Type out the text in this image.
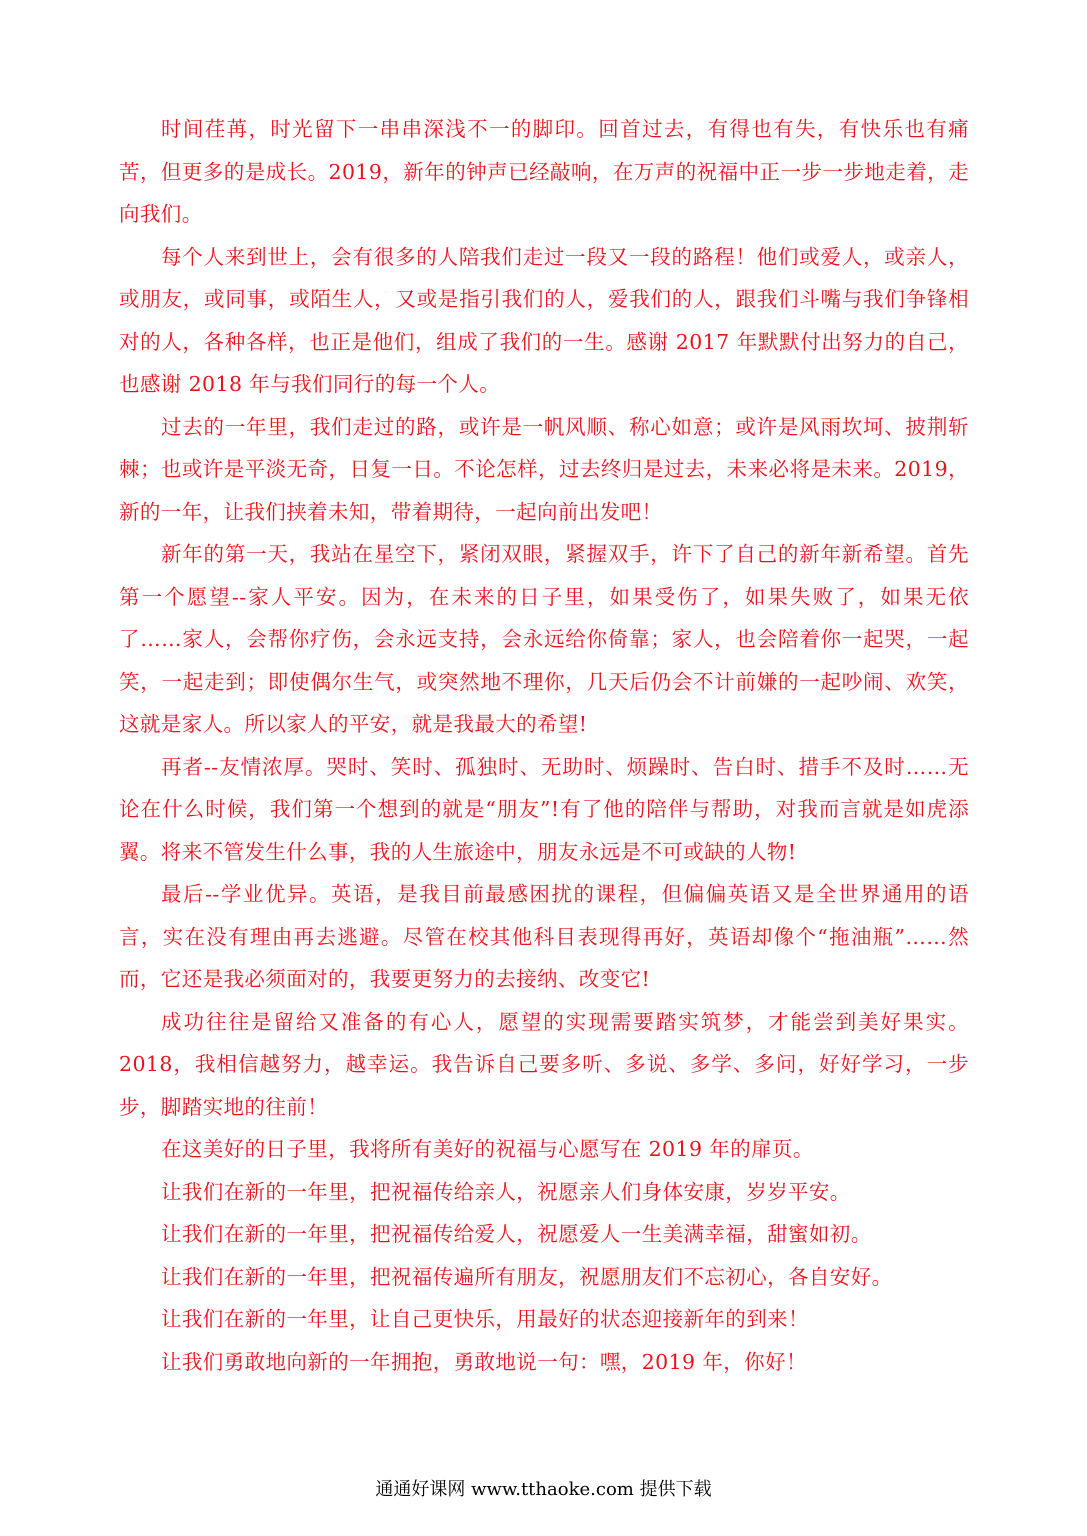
时间荏苒，时光留下一串串深浅不一的脚印。回首过去，有得也有失，有快乐也有痛苦，但更多的是成长。2019，新年的钟声已经敲响，在万声的祝福中正一步一步地走着，走向我们。

每个人来到世上，会有很多的人陪我们走过一段又一段的路程！他们或爱人，或亲人，或朋友，或同事，或陌生人，又或是指引我们的人，爱我们的人，跟我们斗嘴与我们争锋相对的人，各种各样，也正是他们，组成了我们的一生。感谢 2017 年默默付出努力的自己，也感谢 2018 年与我们同行的每一个人。

过去的一年里，我们走过的路，或许是一帆风顺、称心如意；或许是风雨坎坷、披荆斩棘；也或许是平淡无奇，日复一日。不论怎样，过去终归是过去，未来必将是未来。2019，新的一年，让我们挟着未知，带着期待，一起向前出发吧！

新年的第一天，我站在星空下，紧闭双眼，紧握双手，许下了自己的新年新希望。首先第一个愿望--家人平安。因为，在未来的日子里，如果受伤了，如果失败了，如果无依了……家人，会帮你疗伤，会永远支持，会永远给你倚靠；家人，也会陪着你一起哭，一起笑，一起走到；即使偶尔生气，或突然地不理你，几天后仍会不计前嫌的一起吵闹、欢笑，这就是家人。所以家人的平安，就是我最大的希望!

再者--友情浓厚。哭时、笑时、孤独时、无助时、烦躁时、告白时、措手不及时……无论在什么时候，我们第一个想到的就是“朋友”!有了他的陪伴与帮助，对我而言就是如虎添翼。将来不管发生什么事，我的人生旅途中，朋友永远是不可或缺的人物!

最后--学业优异。英语，是我目前最感困扰的课程，但偏偏英语又是全世界通用的语言，实在没有理由再去逃避。尽管在校其他科目表现得再好，英语却像个“拖油瓶”……然而，它还是我必须面对的，我要更努力的去接纳、改变它!

成功往往是留给又准备的有心人，愿望的实现需要踏实筑梦，才能尝到美好果实。2018，我相信越努力，越幸运。我告诉自己要多听、多说、多学、多问，好好学习，一步步，脚踏实地的往前！

在这美好的日子里，我将所有美好的祝福与心愿写在 2019 年的扉页。

让我们在新的一年里，把祝福传给亲人，祝愿亲人们身体安康，岁岁平安。

让我们在新的一年里，把祝福传给爱人，祝愿爱人一生美满幸福，甜蜜如初。

让我们在新的一年里，把祝福传遍所有朋友，祝愿朋友们不忘初心，各自安好。

让我们在新的一年里，让自己更快乐，用最好的状态迎接新年的到来！

让我们勇敢地向新的一年拥抱，勇敢地说一句：嘿，2019 年，你好！

通通好课网 www.tthaoke.com 提供下载
